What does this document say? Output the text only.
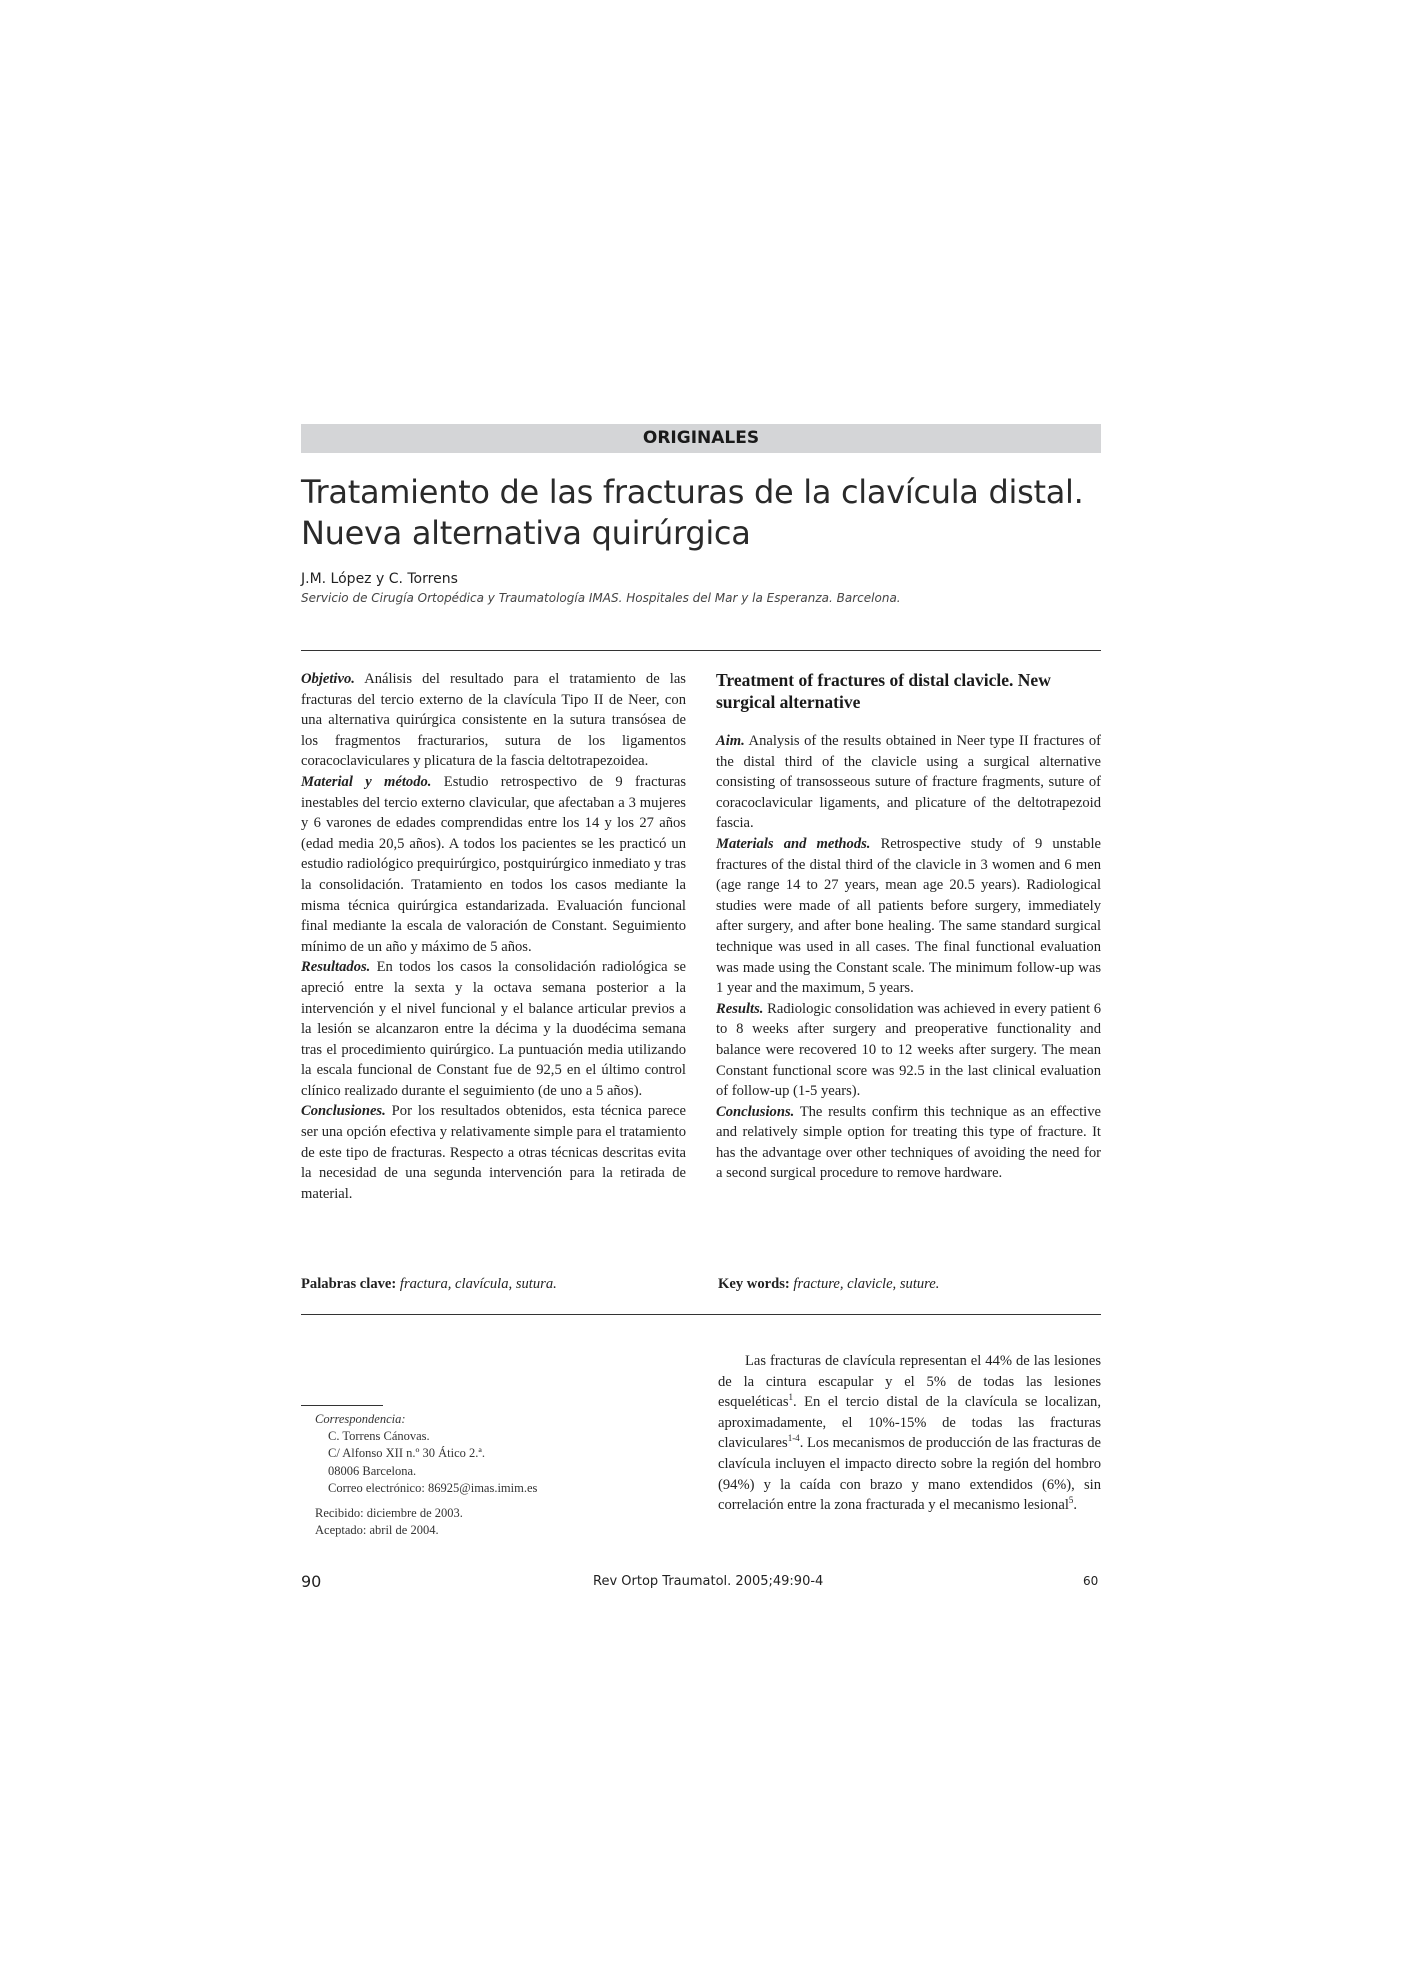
ORIGINALES
Tratamiento de las fracturas de la clavícula distal.
Nueva alternativa quirúrgica
J.M. López y C. Torrens
Servicio de Cirugía Ortopédica y Traumatología IMAS. Hospitales del Mar y la Esperanza. Barcelona.

Objetivo. Análisis del resultado para el tratamiento de las fracturas del tercio externo de la clavícula Tipo II de Neer, con una alternativa quirúrgica consistente en la sutura transósea de los fragmentos fracturarios, sutura de los ligamentos coracoclaviculares y plicatura de la fascia deltotrapezoidea.

Material y método. Estudio retrospectivo de 9 fracturas inestables del tercio externo clavicular, que afectaban a 3 mujeres y 6 varones de edades comprendidas entre los 14 y los 27 años (edad media 20,5 años). A todos los pacientes se les practicó un estudio radiológico prequirúrgico, postquirúrgico inmediato y tras la consolidación. Tratamiento en todos los casos mediante la misma técnica quirúrgica estandarizada. Evaluación funcional final mediante la escala de valoración de Constant. Seguimiento mínimo de un año y máximo de 5 años.

Resultados. En todos los casos la consolidación radiológica se apreció entre la sexta y la octava semana posterior a la intervención y el nivel funcional y el balance articular previos a la lesión se alcanzaron entre la décima y la duodécima semana tras el procedimiento quirúrgico. La puntuación media utilizando la escala funcional de Constant fue de 92,5 en el último control clínico realizado durante el seguimiento (de uno a 5 años).

Conclusiones. Por los resultados obtenidos, esta técnica parece ser una opción efectiva y relativamente simple para el tratamiento de este tipo de fracturas. Respecto a otras técnicas descritas evita la necesidad de una segunda intervención para la retirada de material.

Treatment of fractures of distal clavicle. New surgical alternative

Aim. Analysis of the results obtained in Neer type II fractures of the distal third of the clavicle using a surgical alternative consisting of transosseous suture of fracture fragments, suture of coracoclavicular ligaments, and plicature of the deltotrapezoid fascia.

Materials and methods. Retrospective study of 9 unstable fractures of the distal third of the clavicle in 3 women and 6 men (age range 14 to 27 years, mean age 20.5 years). Radiological studies were made of all patients before surgery, immediately after surgery, and after bone healing. The same standard surgical technique was used in all cases. The final functional evaluation was made using the Constant scale. The minimum follow-up was 1 year and the maximum, 5 years.

Results. Radiologic consolidation was achieved in every patient 6 to 8 weeks after surgery and preoperative functionality and balance were recovered 10 to 12 weeks after surgery. The mean Constant functional score was 92.5 in the last clinical evaluation of follow-up (1-5 years).

Conclusions. The results confirm this technique as an effective and relatively simple option for treating this type of fracture. It has the advantage over other techniques of avoiding the need for a second surgical procedure to remove hardware.

Palabras clave: fractura, clavícula, sutura.	Key words: fracture, clavicle, suture.
Correspondencia:
C. Torrens Cánovas.
C/ Alfonso XII n.º 30 Ático 2.ª.
08006 Barcelona.
Correo electrónico: 86925@imas.imim.es
Recibido: diciembre de 2003.
Aceptado: abril de 2004.
Las fracturas de clavícula representan el 44% de las lesiones de la cintura escapular y el 5% de todas las lesiones esqueléticas$^1$. En el tercio distal de la clavícula se localizan, aproximadamente, el 10%-15% de todas las fracturas claviculares$^{1-4}$. Los mecanismos de producción de las fracturas de clavícula incluyen el impacto directo sobre la región del hombro (94%) y la caída con brazo y mano extendidos (6%), sin correlación entre la zona fracturada y el mecanismo lesional$^5$.
90	Rev Ortop Traumatol. 2005;49:90-4	60
